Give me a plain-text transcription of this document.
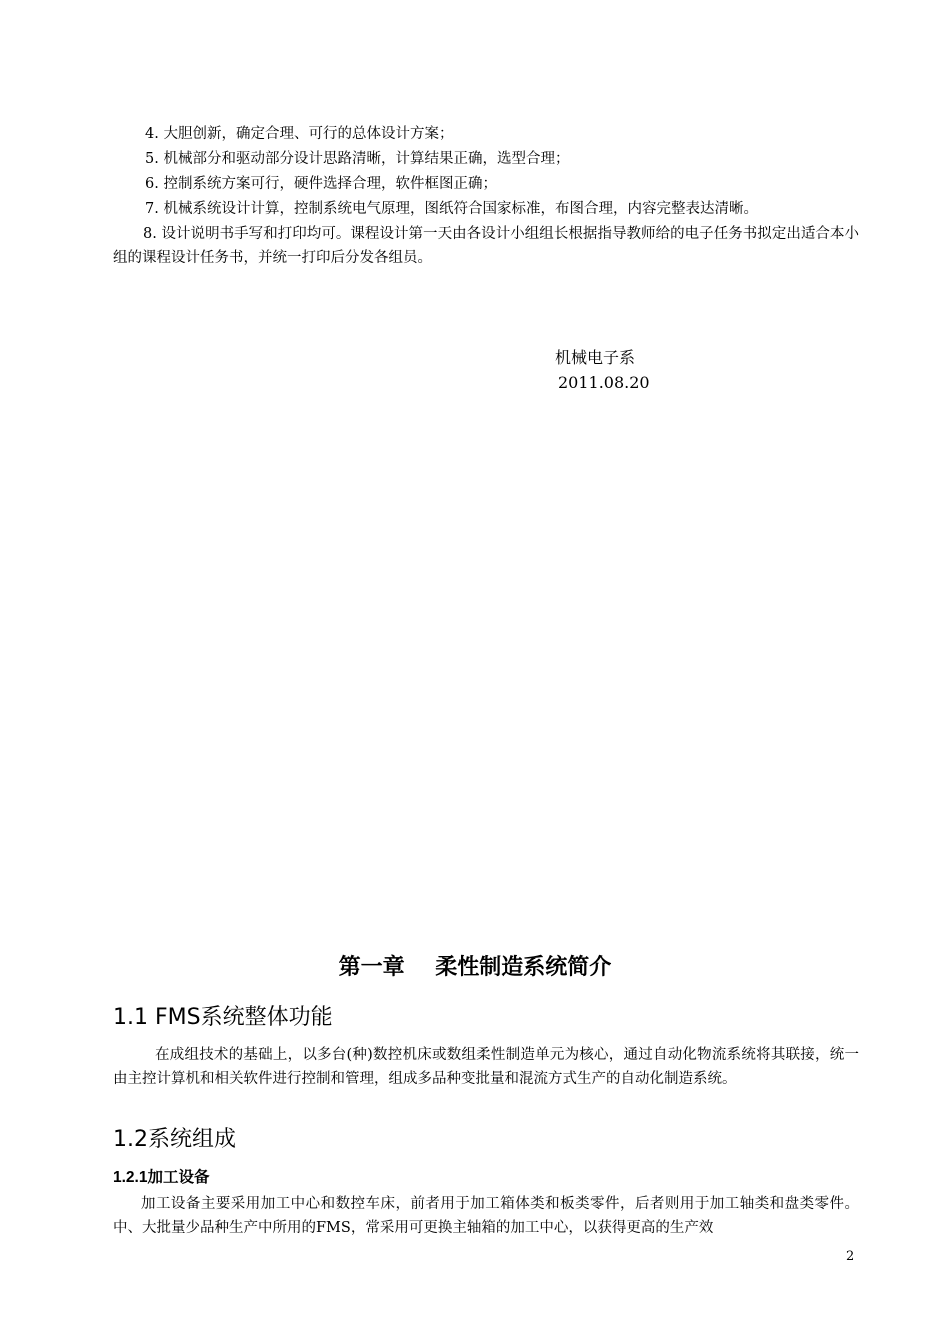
4. 大胆创新，确定合理、可行的总体设计方案；
5. 机械部分和驱动部分设计思路清晰，计算结果正确，选型合理；
6. 控制系统方案可行，硬件选择合理，软件框图正确；
7. 机械系统设计计算，控制系统电气原理，图纸符合国家标准，布图合理，内容完整表达清晰。
8. 设计说明书手写和打印均可。课程设计第一天由各设计小组组长根据指导教师给的电子任务书拟定出适合本小组的课程设计任务书，并统一打印后分发各组员。
机械电子系
2011.08.20
第一章    柔性制造系统简介
1.1 FMS系统整体功能
在成组技术的基础上，以多台(种)数控机床或数组柔性制造单元为核心，通过自动化物流系统将其联接，统一由主控计算机和相关软件进行控制和管理，组成多品种变批量和混流方式生产的自动化制造系统。
1.2系统组成
1.2.1加工设备
加工设备主要采用加工中心和数控车床，前者用于加工箱体类和板类零件，后者则用于加工轴类和盘类零件。中、大批量少品种生产中所用的FMS，常采用可更换主轴箱的加工中心，以获得更高的生产效
2
